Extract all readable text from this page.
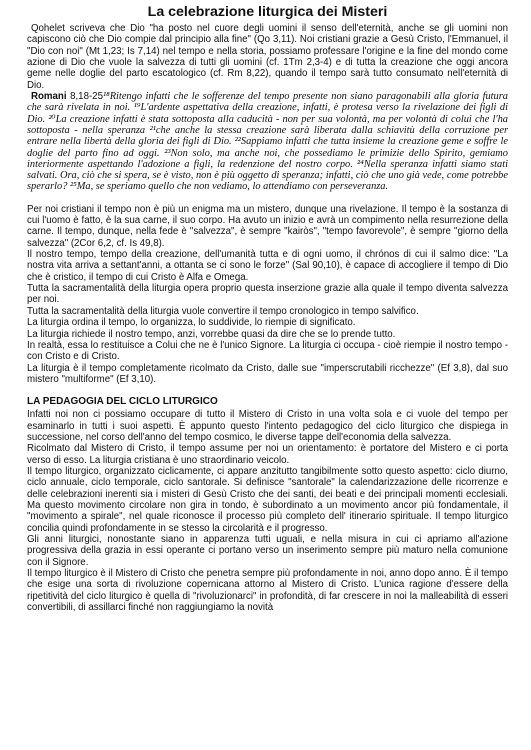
La celebrazione liturgica dei Misteri

Qohelet scriveva che Dio "ha posto nel cuore degli uomini il senso dell'eternità, anche se gli uomini non capiscono ciò che Dio compie dal principio alla fine" (Qo 3,11). Noi cristiani grazie a Gesù Cristo, l'Emmanuel, il "Dio con noi" (Mt 1,23; Is 7,14) nel tempo e nella storia, possiamo professare l'origine e la fine del mondo come azione di Dio che vuole la salvezza di tutti gli uomini (cf. 1Tm 2,3-4) e di tutta la creazione che oggi ancora geme nelle doglie del parto escatologico (cf. Rm 8,22), quando il tempo sarà tutto consumato nell'eternità di Dio.

Romani 8,18-25¹⁸Ritengo infatti che le sofferenze del tempo presente non siano paragonabili alla gloria futura che sarà rivelata in noi. ¹⁹L'ardente aspettativa della creazione, infatti, è protesa verso la rivelazione dei figli di Dio. ²⁰La creazione infatti è stata sottoposta alla caducità - non per sua volontà, ma per volontà di colui che l'ha sottoposta - nella speranza ²¹che anche la stessa creazione sarà liberata dalla schiavitù della corruzione per entrare nella libertà della gloria dei figli di Dio. ²²Sappiamo infatti che tutta insieme la creazione geme e soffre le doglie del parto fino ad oggi. ²³Non solo, ma anche noi, che possediamo le primizie dello Spirito, gemiamo interiormente aspettando l'adozione a figli, la redenzione del nostro corpo. ²⁴Nella speranza infatti siamo stati salvati. Ora, ciò che si spera, se è visto, non è più oggetto di speranza; infatti, ciò che uno già vede, come potrebbe sperarlo? ²⁵Ma, se speriamo quello che non vediamo, lo attendiamo con perseveranza.

Per noi cristiani il tempo non è più un enigma ma un mistero, dunque una rivelazione. Il tempo è la sostanza di cui l'uomo è fatto, è la sua carne, il suo corpo. Ha avuto un inizio e avrà un compimento nella resurrezione della carne. Il tempo, dunque, nella fede è "salvezza", è sempre "kairòs", "tempo favorevole", è sempre "giorno della salvezza" (2Cor 6,2, cf. Is 49,8).

Il nostro tempo, tempo della creazione, dell'umanità tutta e di ogni uomo, il chrónos di cui il salmo dice: "La nostra vita arriva a settant'anni, a ottanta se ci sono le forze" (Sal 90,10), è capace di accogliere il tempo di Dio che è cristico, il tempo di cui Cristo è Alfa e Omega.

Tutta la sacramentalità della liturgia opera proprio questa inserzione grazie alla quale il tempo diventa salvezza per noi.

Tutta la sacramentalità della liturgia vuole convertire il tempo cronologico in tempo salvifico.

La liturgia ordina il tempo, lo organizza, lo suddivide, lo riempie di significato.

La liturgia richiede il nostro tempo, anzi, vorrebbe quasi da dire che se lo prende tutto.

In realtà, essa lo restituisce a Colui che ne è l'unico Signore. La liturgia ci occupa - cioè riempie il nostro tempo - con Cristo e di Cristo.

La liturgia è il tempo completamente ricolmato da Cristo, dalle sue "imperscrutabili ricchezze" (Ef 3,8), dal suo mistero "multiforme" (Ef 3,10).

LA PEDAGOGIA DEL CICLO LITURGICO

Infatti noi non ci possiamo occupare di tutto il Mistero di Cristo in una volta sola e ci vuole del tempo per esaminarlo in tutti i suoi aspetti. È appunto questo l'intento pedagogico del ciclo liturgico che dispiega in successione, nel corso dell'anno del tempo cosmico, le diverse tappe dell'economia della salvezza.

Ricolmato dal Mistero di Cristo, il tempo assume per noi un orientamento: è portatore del Mistero e ci porta verso di esso. La liturgia cristiana è uno straordinario veicolo.

Il tempo liturgico, organizzato ciclicamente, ci appare anzitutto tangibilmente sotto questo aspetto: ciclo diurno, ciclo annuale, ciclo temporale, ciclo santorale. Si definisce "santorale" la calendarizzazione delle ricorrenze e delle celebrazioni inerenti sia i misteri di Gesù Cristo che dei santi, dei beati e dei principali momenti ecclesiali. Ma questo movimento circolare non gira in tondo, è subordinato a un movimento ancor più fondamentale, il "movimento a spirale", nel quale riconosce il processo più completo dell' itinerario spirituale. Il tempo liturgico concilia quindi profondamente in se stesso la circolarità e il progresso.

Gli anni liturgici, nonostante siano in apparenza tutti uguali, e nella misura in cui ci apriamo all'azione progressiva della grazia in essi operante ci portano verso un inserimento sempre più maturo nella comunione con il Signore.

Il tempo liturgico è il Mistero di Cristo che penetra sempre più profondamente in noi, anno dopo anno. È il tempo che esige una sorta di rivoluzione copernicana attorno al Mistero di Cristo. L'unica ragione d'essere della ripetitività del ciclo liturgico è quella di "rivoluzionarci" in profondità, di far crescere in noi la malleabilità di esseri convertibili, di assillarci finché non raggiungiamo la novità
